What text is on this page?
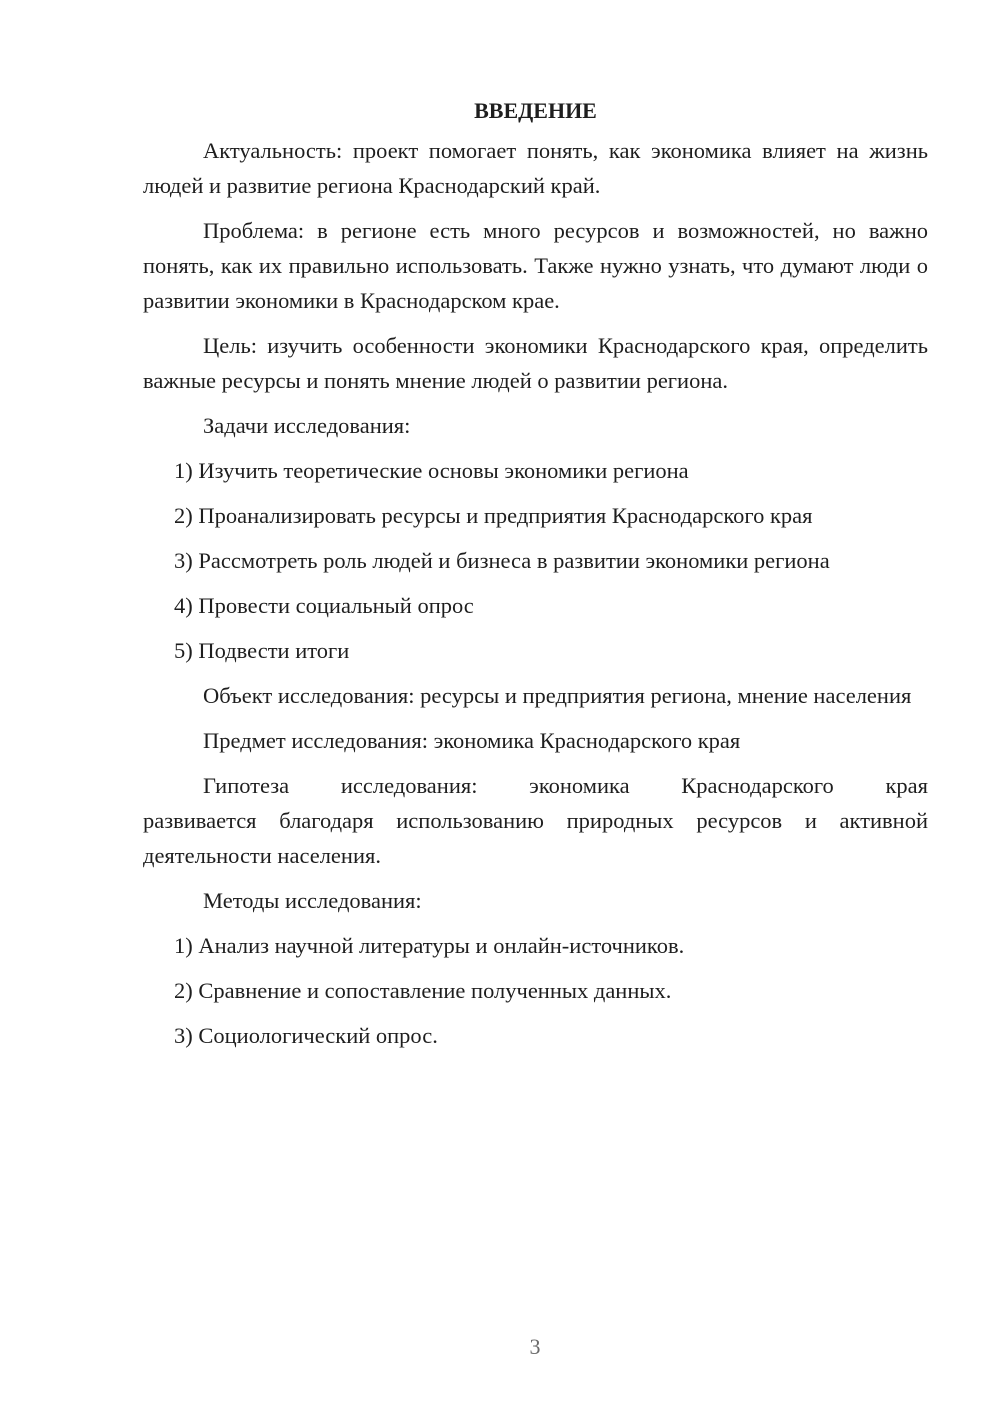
ВВЕДЕНИЕ

Актуальность: проект помогает понять, как экономика влияет на жизнь людей и развитие региона Краснодарский край.

Проблема: в регионе есть много ресурсов и возможностей, но важно понять, как их правильно использовать. Также нужно узнать, что думают люди о развитии экономики в Краснодарском крае.

Цель: изучить особенности экономики Краснодарского края, определить важные ресурсы и понять мнение людей о развитии региона.

Задачи исследования:

1) Изучить теоретические основы экономики региона

2) Проанализировать ресурсы и предприятия Краснодарского края

3) Рассмотреть роль людей и бизнеса в развитии экономики региона

4) Провести социальный опрос

5) Подвести итоги

Объект исследования: ресурсы и предприятия региона, мнение населения

Предмет исследования: экономика Краснодарского края

Гипотеза исследования: экономика Краснодарского края

развивается благодаря использованию природных ресурсов и активной деятельности населения.

Методы исследования:

1) Анализ научной литературы и онлайн-источников.

2) Сравнение и сопоставление полученных данных.

3) Социологический опрос.

3
